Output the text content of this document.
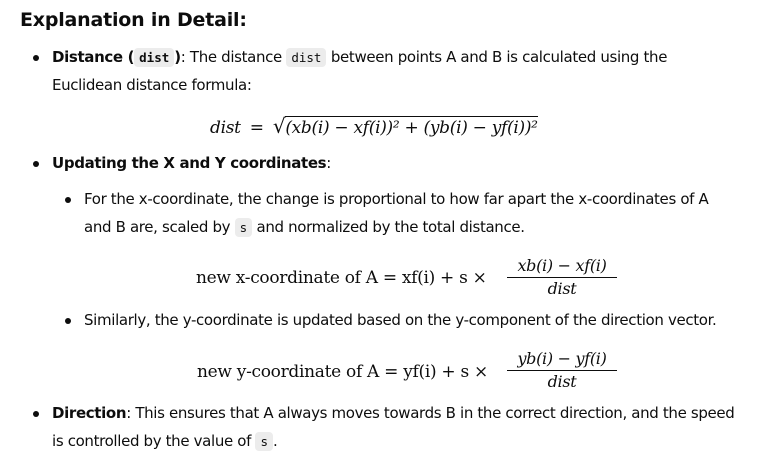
Explanation in Detail:
Distance ( dist ): The distance dist between points A and B is calculated using the
Euclidean distance formula:
dist = √(xb(i) − xf(i))² + (yb(i) − yf(i))²
Updating the X and Y coordinates:
For the x-coordinate, the change is proportional to how far apart the x-coordinates of A
and B are, scaled by s and normalized by the total distance.
new x-coordinate of A = xf(i) + s ×
xb(i) − xf(i)
dist
Similarly, the y-coordinate is updated based on the y-component of the direction vector.
new y-coordinate of A = yf(i) + s ×
yb(i) − yf(i)
dist
Direction: This ensures that A always moves towards B in the correct direction, and the speed
is controlled by the value of s .
